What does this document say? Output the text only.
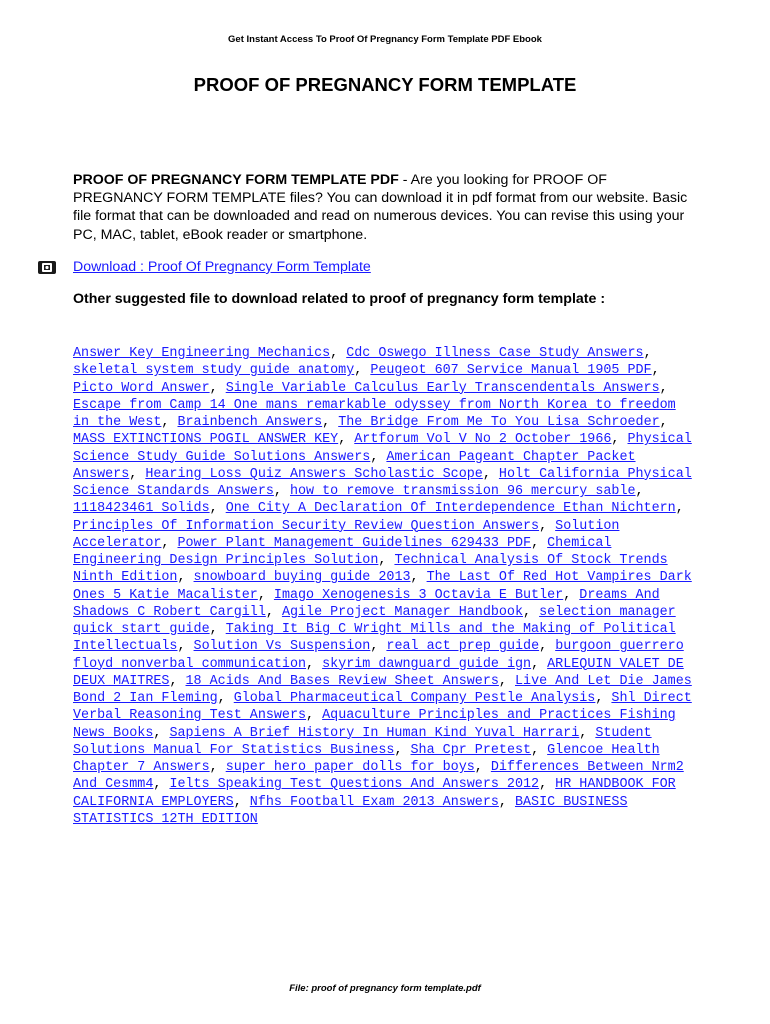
Get Instant Access To Proof Of Pregnancy Form Template PDF Ebook
PROOF OF PREGNANCY FORM TEMPLATE

PROOF OF PREGNANCY FORM TEMPLATE PDF - Are you looking for PROOF OF PREGNANCY FORM TEMPLATE files? You can download it in pdf format from our website. Basic file format that can be downloaded and read on numerous devices. You can revise this using your PC, MAC, tablet, eBook reader or smartphone.

Download : Proof Of Pregnancy Form Template

Other suggested file to download related to proof of pregnancy form template :

Answer Key Engineering Mechanics, Cdc Oswego Illness Case Study Answers, skeletal system study guide anatomy, Peugeot 607 Service Manual 1905 PDF, Picto Word Answer, Single Variable Calculus Early Transcendentals Answers, Escape from Camp 14 One mans remarkable odyssey from North Korea to freedom in the West, Brainbench Answers, The Bridge From Me To You Lisa Schroeder, MASS EXTINCTIONS POGIL ANSWER KEY, Artforum Vol V No 2 October 1966, Physical Science Study Guide Solutions Answers, American Pageant Chapter Packet Answers, Hearing Loss Quiz Answers Scholastic Scope, Holt California Physical Science Standards Answers, how to remove transmission 96 mercury sable, 1118423461 Solids, One City A Declaration Of Interdependence Ethan Nichtern, Principles Of Information Security Review Question Answers, Solution Accelerator, Power Plant Management Guidelines 629433 PDF, Chemical Engineering Design Principles Solution, Technical Analysis Of Stock Trends Ninth Edition, snowboard buying guide 2013, The Last Of Red Hot Vampires Dark Ones 5 Katie Macalister, Imago Xenogenesis 3 Octavia E Butler, Dreams And Shadows C Robert Cargill, Agile Project Manager Handbook, selection manager quick start guide, Taking It Big C Wright Mills and the Making of Political Intellectuals, Solution Vs Suspension, real act prep guide, burgoon guerrero floyd nonverbal communication, skyrim dawnguard guide ign, ARLEQUIN VALET DE DEUX MAITRES, 18 Acids And Bases Review Sheet Answers, Live And Let Die James Bond 2 Ian Fleming, Global Pharmaceutical Company Pestle Analysis, Shl Direct Verbal Reasoning Test Answers, Aquaculture Principles and Practices Fishing News Books, Sapiens A Brief History In Human Kind Yuval Harrari, Student Solutions Manual For Statistics Business, Sha Cpr Pretest, Glencoe Health Chapter 7 Answers, super hero paper dolls for boys, Differences Between Nrm2 And Cesmm4, Ielts Speaking Test Questions And Answers 2012, HR HANDBOOK FOR CALIFORNIA EMPLOYERS, Nfhs Football Exam 2013 Answers, BASIC BUSINESS STATISTICS 12TH EDITION
File: proof of pregnancy form template.pdf
